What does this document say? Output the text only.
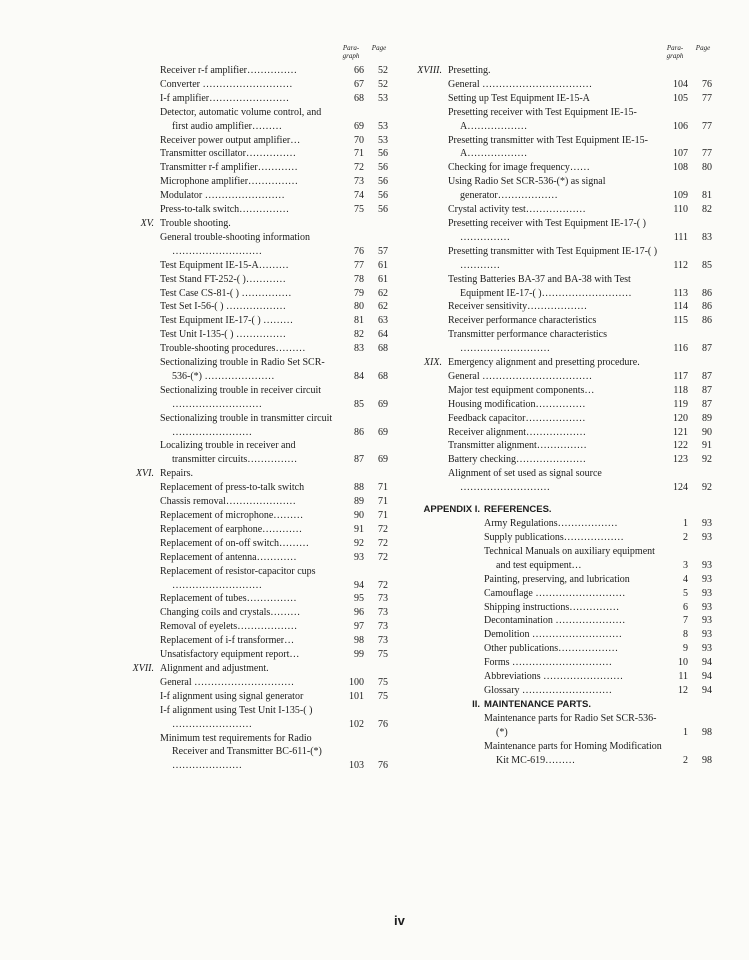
Para- graph
Page
Receiver r-f amplifier……………	66	52
Converter ………………………	67	52
I-f amplifier……………………	68	53
Detector, automatic volume control, and first audio amplifier………	69	53
Receiver power output amplifier…	70	53
Transmitter oscillator……………	71	56
Transmitter r-f amplifier…………	72	56
Microphone amplifier……………	73	56
Modulator ……………………	74	56
Press-to-talk switch……………	75	56
XV. Trouble shooting.
General trouble-shooting information ………………………	76	57
Test Equipment IE-15-A………	77	61
Test Stand FT-252-( )…………	78	61
Test Case CS-81-( ) ……………	79	62
Test Set I-56-( ) ………………	80	62
Test Equipment IE-17-( ) ………	81	63
Test Unit I-135-( ) ……………	82	64
Trouble-shooting procedures………	83	68
Sectionalizing trouble in Radio Set SCR-536-(*) …………………	84	68
Sectionalizing trouble in receiver circuit ………………………	85	69
Sectionalizing trouble in transmitter circuit ……………………	86	69
Localizing trouble in receiver and transmitter circuits……………	87	69
XVI. Repairs.
Replacement of press-to-talk switch	88	71
Chassis removal…………………	89	71
Replacement of microphone………	90	71
Replacement of earphone…………	91	72
Replacement of on-off switch………	92	72
Replacement of antenna…………	93	72
Replacement of resistor-capacitor cups ………………………	94	72
Replacement of tubes……………	95	73
Changing coils and crystals………	96	73
Removal of eyelets………………	97	73
Replacement of i-f transformer…	98	73
Unsatisfactory equipment report…	99	75
XVII. Alignment and adjustment.
General …………………………	100	75
I-f alignment using signal generator	101	75
I-f alignment using Test Unit I-135-( ) ……………………	102	76
Minimum test requirements for Radio Receiver and Transmitter BC-611-(*) …………………	103	76
Para- graph
Page
XVIII. Presetting.
General ……………………………	104	76
Setting up Test Equipment IE-15-A	105	77
Presetting receiver with Test Equipment IE-15-A………………	106	77
Presetting transmitter with Test Equipment IE-15-A………………	107	77
Checking for image frequency……	108	80
Using Radio Set SCR-536-(*) as signal generator………………	109	81
Crystal activity test………………	110	82
Presetting receiver with Test Equipment IE-17-( ) ……………	111	83
Presetting transmitter with Test Equipment IE-17-( ) …………	112	85
Testing Batteries BA-37 and BA-38 with Test Equipment IE-17-( )………………………	113	86
Receiver sensitivity………………	114	86
Receiver performance characteristics	115	86
Transmitter performance characteristics ………………………	116	87
XIX. Emergency alignment and presetting procedure.
General ……………………………	117	87
Major test equipment components…	118	87
Housing modification……………	119	87
Feedback capacitor………………	120	89
Receiver alignment………………	121	90
Transmitter alignment……………	122	91
Battery checking…………………	123	92
Alignment of set used as signal source ………………………	124	92
APPENDIX I. REFERENCES.
Army Regulations………………	1	93
Supply publications………………	2	93
Technical Manuals on auxiliary equipment and test equipment…	3	93
Painting, preserving, and lubrication	4	93
Camouflage ………………………	5	93
Shipping instructions……………	6	93
Decontamination …………………	7	93
Demolition ………………………	8	93
Other publications………………	9	93
Forms …………………………	10	94
Abbreviations ……………………	11	94
Glossary ………………………	12	94
II. MAINTENANCE PARTS.
Maintenance parts for Radio Set SCR-536-(*)	1	98
Maintenance parts for Homing Modification Kit MC-619………	2	98
iv
